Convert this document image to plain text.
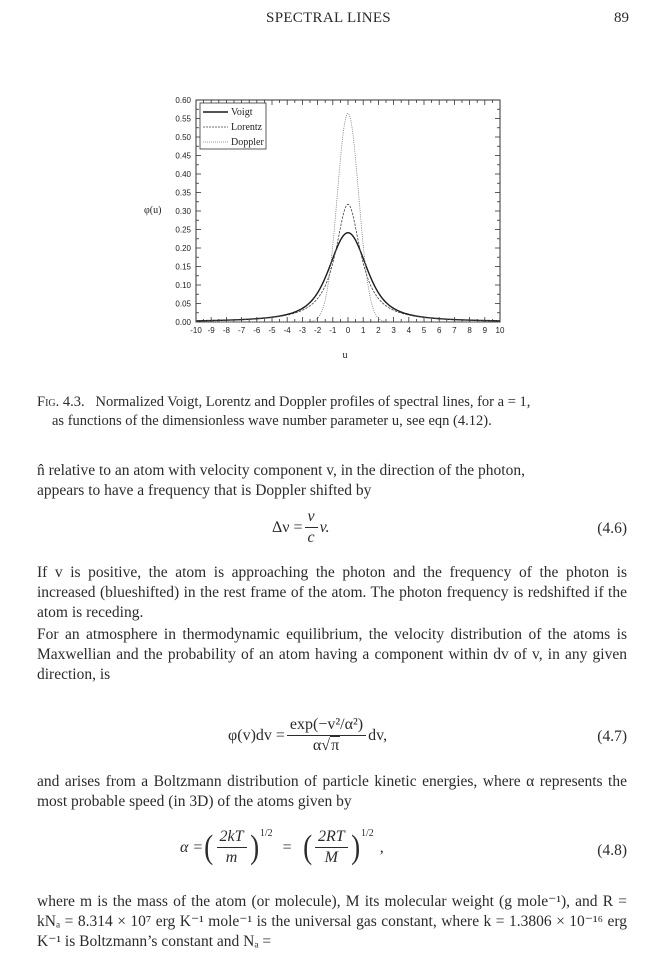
SPECTRAL LINES	89
-10 -9 -8 -7 -6 -5 -4 -3 -2 -1 0 1 2 3 4 5 6 7 8 9 10
0.00
0.05
0.10
0.15
0.20
0.25
0.30
0.35
0.40
0.45
0.50
0.55
0.60
Voigt
Lorentz
Doppler
φ(u)
u
Fig. 4.3. Normalized Voigt, Lorentz and Doppler profiles of spectral lines, for a = 1,
as functions of the dimensionless wave number parameter u, see eqn (4.12).
n̂ relative to an atom with velocity component v, in the direction of the photon,
appears to have a frequency that is Doppler shifted by
$\Delta\nu = \frac{\nu}{c} v$.	(4.6)
If v is positive, the atom is approaching the photon and the frequency of the photon is increased (blueshifted) in the rest frame of the atom. The photon frequency is redshifted if the atom is receding.
For an atmosphere in thermodynamic equilibrium, the velocity distribution of the atoms is Maxwellian and the probability of an atom having a component within dv of v, in any given direction, is
$\varphi(v)dv = \frac{\text{exp(−v²/α²)}}{\alpha√\pi}$ dv,	(4.7)
and arises from a Boltzmann distribution of particle kinetic energies, where α represents the most probable speed (in 3D) of the atoms given by
α = ( $\frac{2kT}{m} )^{1/2}$
= ( $\frac{2RT}{M} )^{1/2}$
,	(4.8)
where m is the mass of the atom (or molecule), M its molecular weight (g mole⁻¹), and R = kNₐ = 8.314 × 10⁷ erg K⁻¹ mole⁻¹ is the universal gas constant, where k = 1.3806 × 10⁻¹⁶ erg K⁻¹ is Boltzmann’s constant and Nₐ =
